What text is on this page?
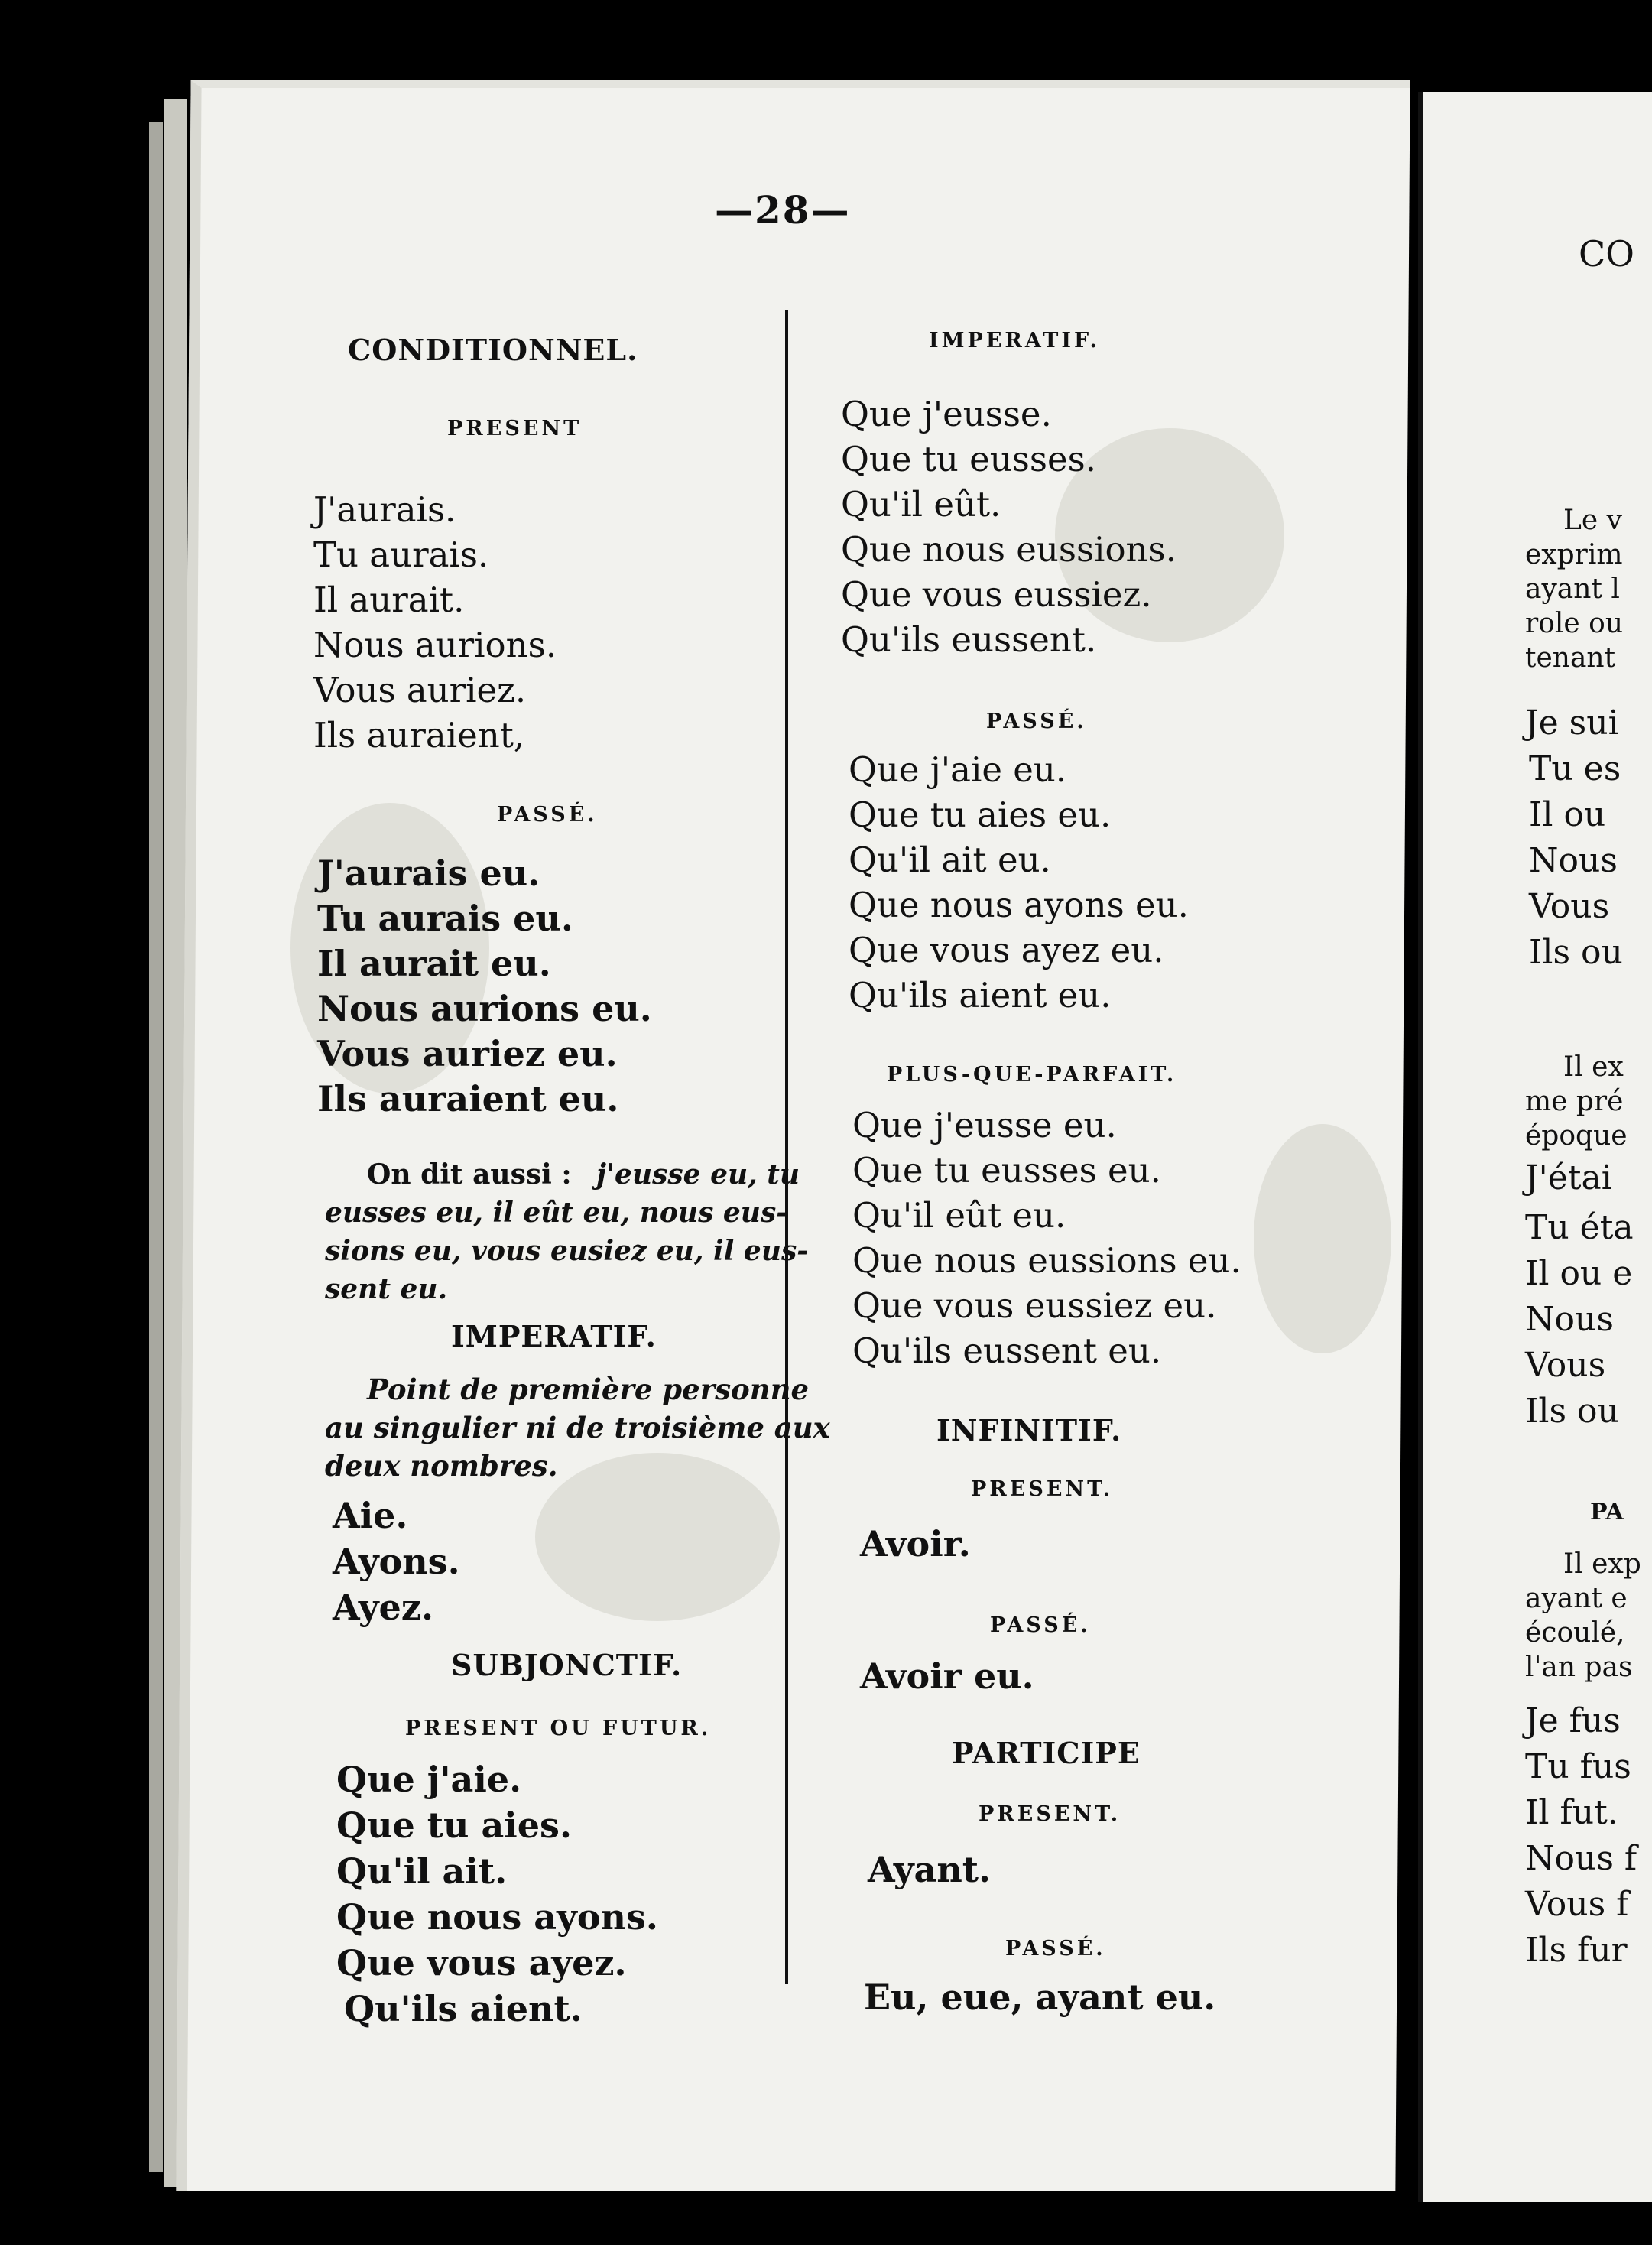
—28—
CONDITIONNEL.
PRESENT
J'aurais.
Tu aurais.
Il aurait.
Nous aurions.
Vous auriez.
Ils auraient,
PASSÉ.
J'aurais eu.
Tu aurais eu.
Il aurait eu.
Nous aurions eu.
Vous auriez eu.
Ils auraient eu.
On dit aussi : j'eusse eu, tu
eusses eu, il eût eu, nous eus-
sions eu, vous eusiez eu, il eus-
sent eu.
IMPERATIF.
Point de première personne
au singulier ni de troisième aux
deux nombres.
Aie.
Ayons.
Ayez.
SUBJONCTIF.
PRESENT OU FUTUR.
Que j'aie.
Que tu aies.
Qu'il ait.
Que nous ayons.
Que vous ayez.
Qu'ils aient.
IMPERATIF.
Que j'eusse.
Que tu eusses.
Qu'il eût.
Que nous eussions.
Que vous eussiez.
Qu'ils eussent.
PASSÉ.
Que j'aie eu.
Que tu aies eu.
Qu'il ait eu.
Que nous ayons eu.
Que vous ayez eu.
Qu'ils aient eu.
PLUS-QUE-PARFAIT.
Que j'eusse eu.
Que tu eusses eu.
Qu'il eût eu.
Que nous eussions eu.
Que vous eussiez eu.
Qu'ils eussent eu.
INFINITIF.
PRESENT.
Avoir.
PASSÉ.
Avoir eu.
PARTICIPE
PRESENT.
Ayant.
PASSÉ.
Eu, eue, ayant eu.
CO
Le v
exprim
ayant l
role ou
tenant
Je sui
Tu es
Il ou
Nous
Vous
Ils ou
Il ex
me pré
époque
J'étai
Tu éta
Il ou e
Nous
Vous
Ils ou
PA
Il exp
ayant e
écoulé,
l'an pas
Je fus
Tu fus
Il fut.
Nous f
Vous f
Ils fur
